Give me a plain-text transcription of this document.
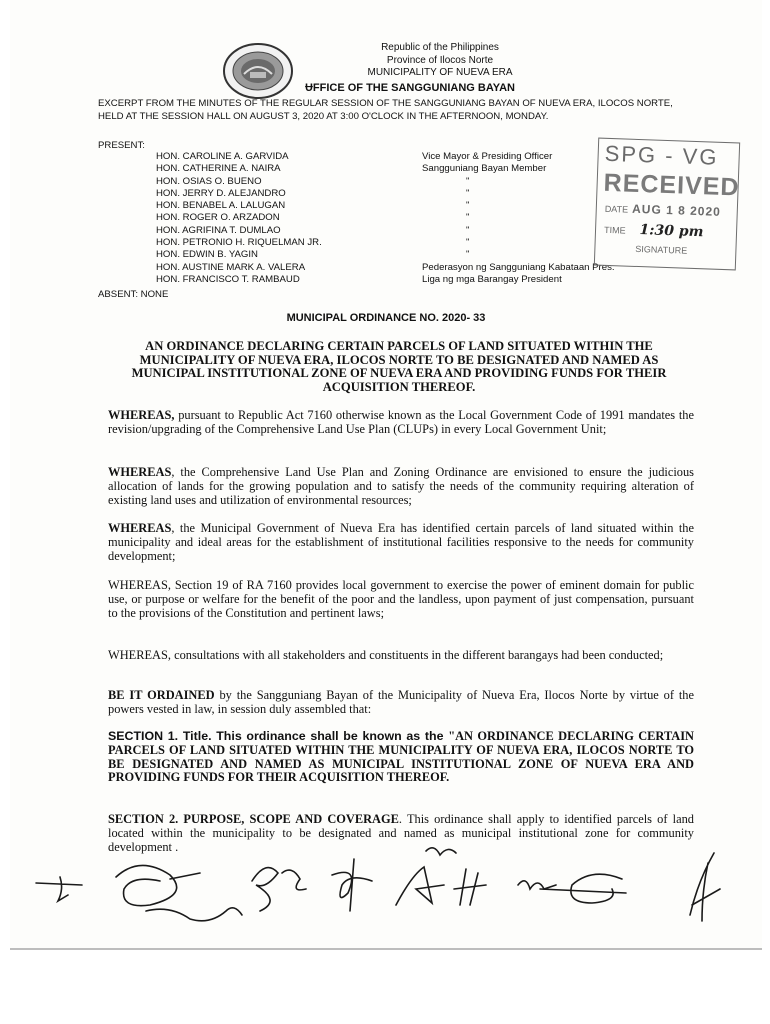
Republic of the Philippines
Province of Ilocos Norte
MUNICIPALITY OF NUEVA ERA
ɄFFICE OF THE SANGGUNIANG BAYAN
EXCERPT FROM THE MINUTES OF THE REGULAR SESSION OF THE SANGGUNIANG BAYAN OF NUEVA ERA, ILOCOS NORTE, HELD AT THE SESSION HALL ON AUGUST 3, 2020 AT 3:00 O'CLOCK IN THE AFTERNOON, MONDAY.
PRESENT:
HON. CAROLINE A. GARVIDA
HON. CATHERINE A. NAIRA
HON. OSIAS O. BUENO
HON. JERRY D. ALEJANDRO
HON. BENABEL A. LALUGAN
HON. ROGER O. ARZADON
HON. AGRIFINA T. DUMLAO
HON. PETRONIO H. RIQUELMAN JR.
HON. EDWIN B. YAGIN
HON. AUSTINE MARK A. VALERA
HON. FRANCISCO T. RAMBAUD
Vice Mayor & Presiding Officer
Sangguniang Bayan Member
"
"
"
"
"
"
"
Pederasyon ng Sangguniang Kabataan Pres.
Liga ng mga Barangay President
ABSENT: NONE
SPG - VG
RECEIVED
DATE AUG 1 8 2020
TIME 1:30 pm
SIGNATURE
MUNICIPAL ORDINANCE NO. 2020- 33
AN ORDINANCE DECLARING CERTAIN PARCELS OF LAND SITUATED WITHIN THE MUNICIPALITY OF NUEVA ERA, ILOCOS NORTE TO BE DESIGNATED AND NAMED AS MUNICIPAL INSTITUTIONAL ZONE OF NUEVA ERA AND PROVIDING FUNDS FOR THEIR ACQUISITION THEREOF.
WHEREAS, pursuant to Republic Act 7160 otherwise known as the Local Government Code of 1991 mandates the revision/upgrading of the Comprehensive Land Use Plan (CLUPs) in every Local Government Unit;
WHEREAS, the Comprehensive Land Use Plan and Zoning Ordinance are envisioned to ensure the judicious allocation of lands for the growing population and to satisfy the needs of the community requiring alteration of existing land uses and utilization of environmental resources;
WHEREAS, the Municipal Government of Nueva Era has identified certain parcels of land situated within the municipality and ideal areas for the establishment of institutional facilities responsive to the needs for community development;
WHEREAS, Section 19 of RA 7160 provides local government to exercise the power of eminent domain for public use, or purpose or welfare for the benefit of the poor and the landless, upon payment of just compensation, pursuant to the provisions of the Constitution and pertinent laws;
WHEREAS, consultations with all stakeholders and constituents in the different barangays had been conducted;
BE IT ORDAINED by the Sangguniang Bayan of the Municipality of Nueva Era, Ilocos Norte by virtue of the powers vested in law, in session duly assembled that:
SECTION 1. Title. This ordinance shall be known as the "AN ORDINANCE DECLARING CERTAIN PARCELS OF LAND SITUATED WITHIN THE MUNICIPALITY OF NUEVA ERA, ILOCOS NORTE TO BE DESIGNATED AND NAMED AS MUNICIPAL INSTITUTIONAL ZONE OF NUEVA ERA AND PROVIDING FUNDS FOR THEIR ACQUISITION THEREOF.
SECTION 2. PURPOSE, SCOPE AND COVERAGE. This ordinance shall apply to identified parcels of land located within the municipality to be designated and named as municipal institutional zone for community development .
